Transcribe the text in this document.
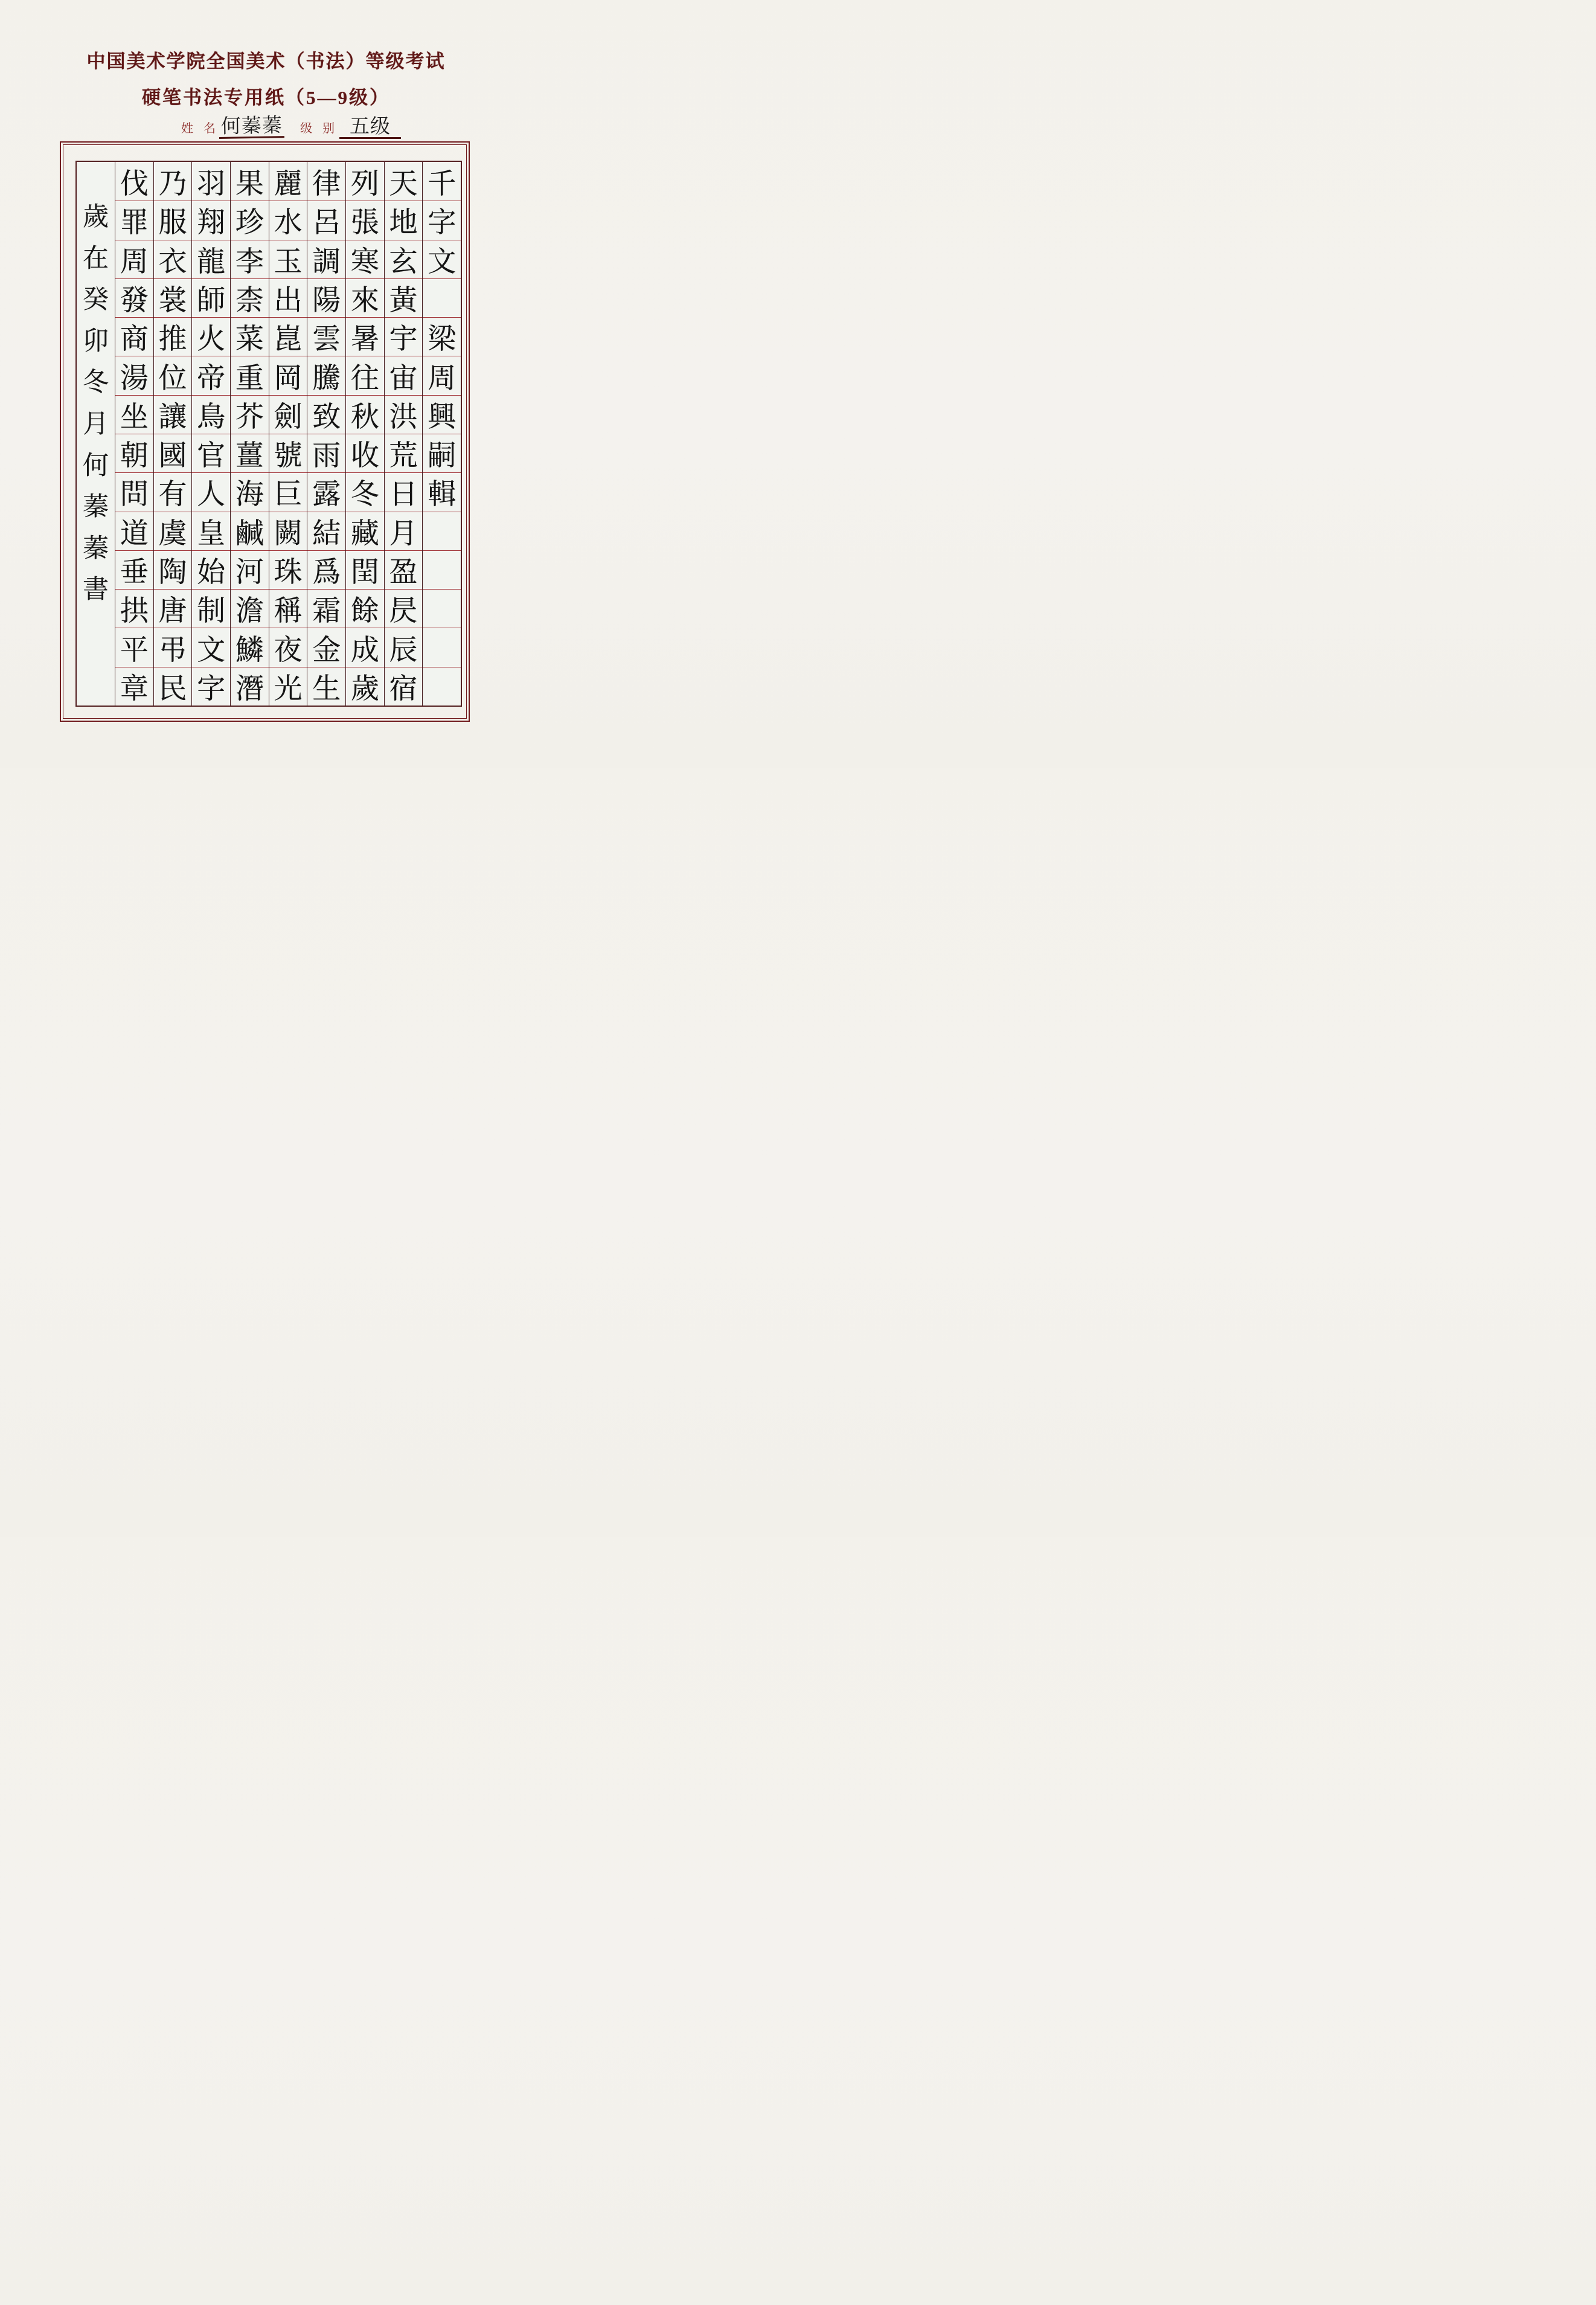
中国美术学院全国美术（书法）等级考试
硬笔书法专用纸（5—9级）
姓 名 何蓁蓁 级 别 五级
歲
在
癸
卯
冬
月
何
蓁
蓁
書
伐
罪
周
發
商
湯
坐
朝
問
道
垂
拱
平
章
乃
服
衣
裳
推
位
讓
國
有
虞
陶
唐
弔
民
羽
翔
龍
師
火
帝
鳥
官
人
皇
始
制
文
字
果
珍
李
柰
菜
重
芥
薑
海
鹹
河
澹
鱗
潛
麗
水
玉
出
崑
岡
劍
號
巨
闕
珠
稱
夜
光
律
呂
調
陽
雲
騰
致
雨
露
結
爲
霜
金
生
列
張
寒
來
暑
往
秋
收
冬
藏
閏
餘
成
歲
天
地
玄
黃
宇
宙
洪
荒
日
月
盈
昃
辰
宿
千
字
文
梁
周
興
嗣
輯
